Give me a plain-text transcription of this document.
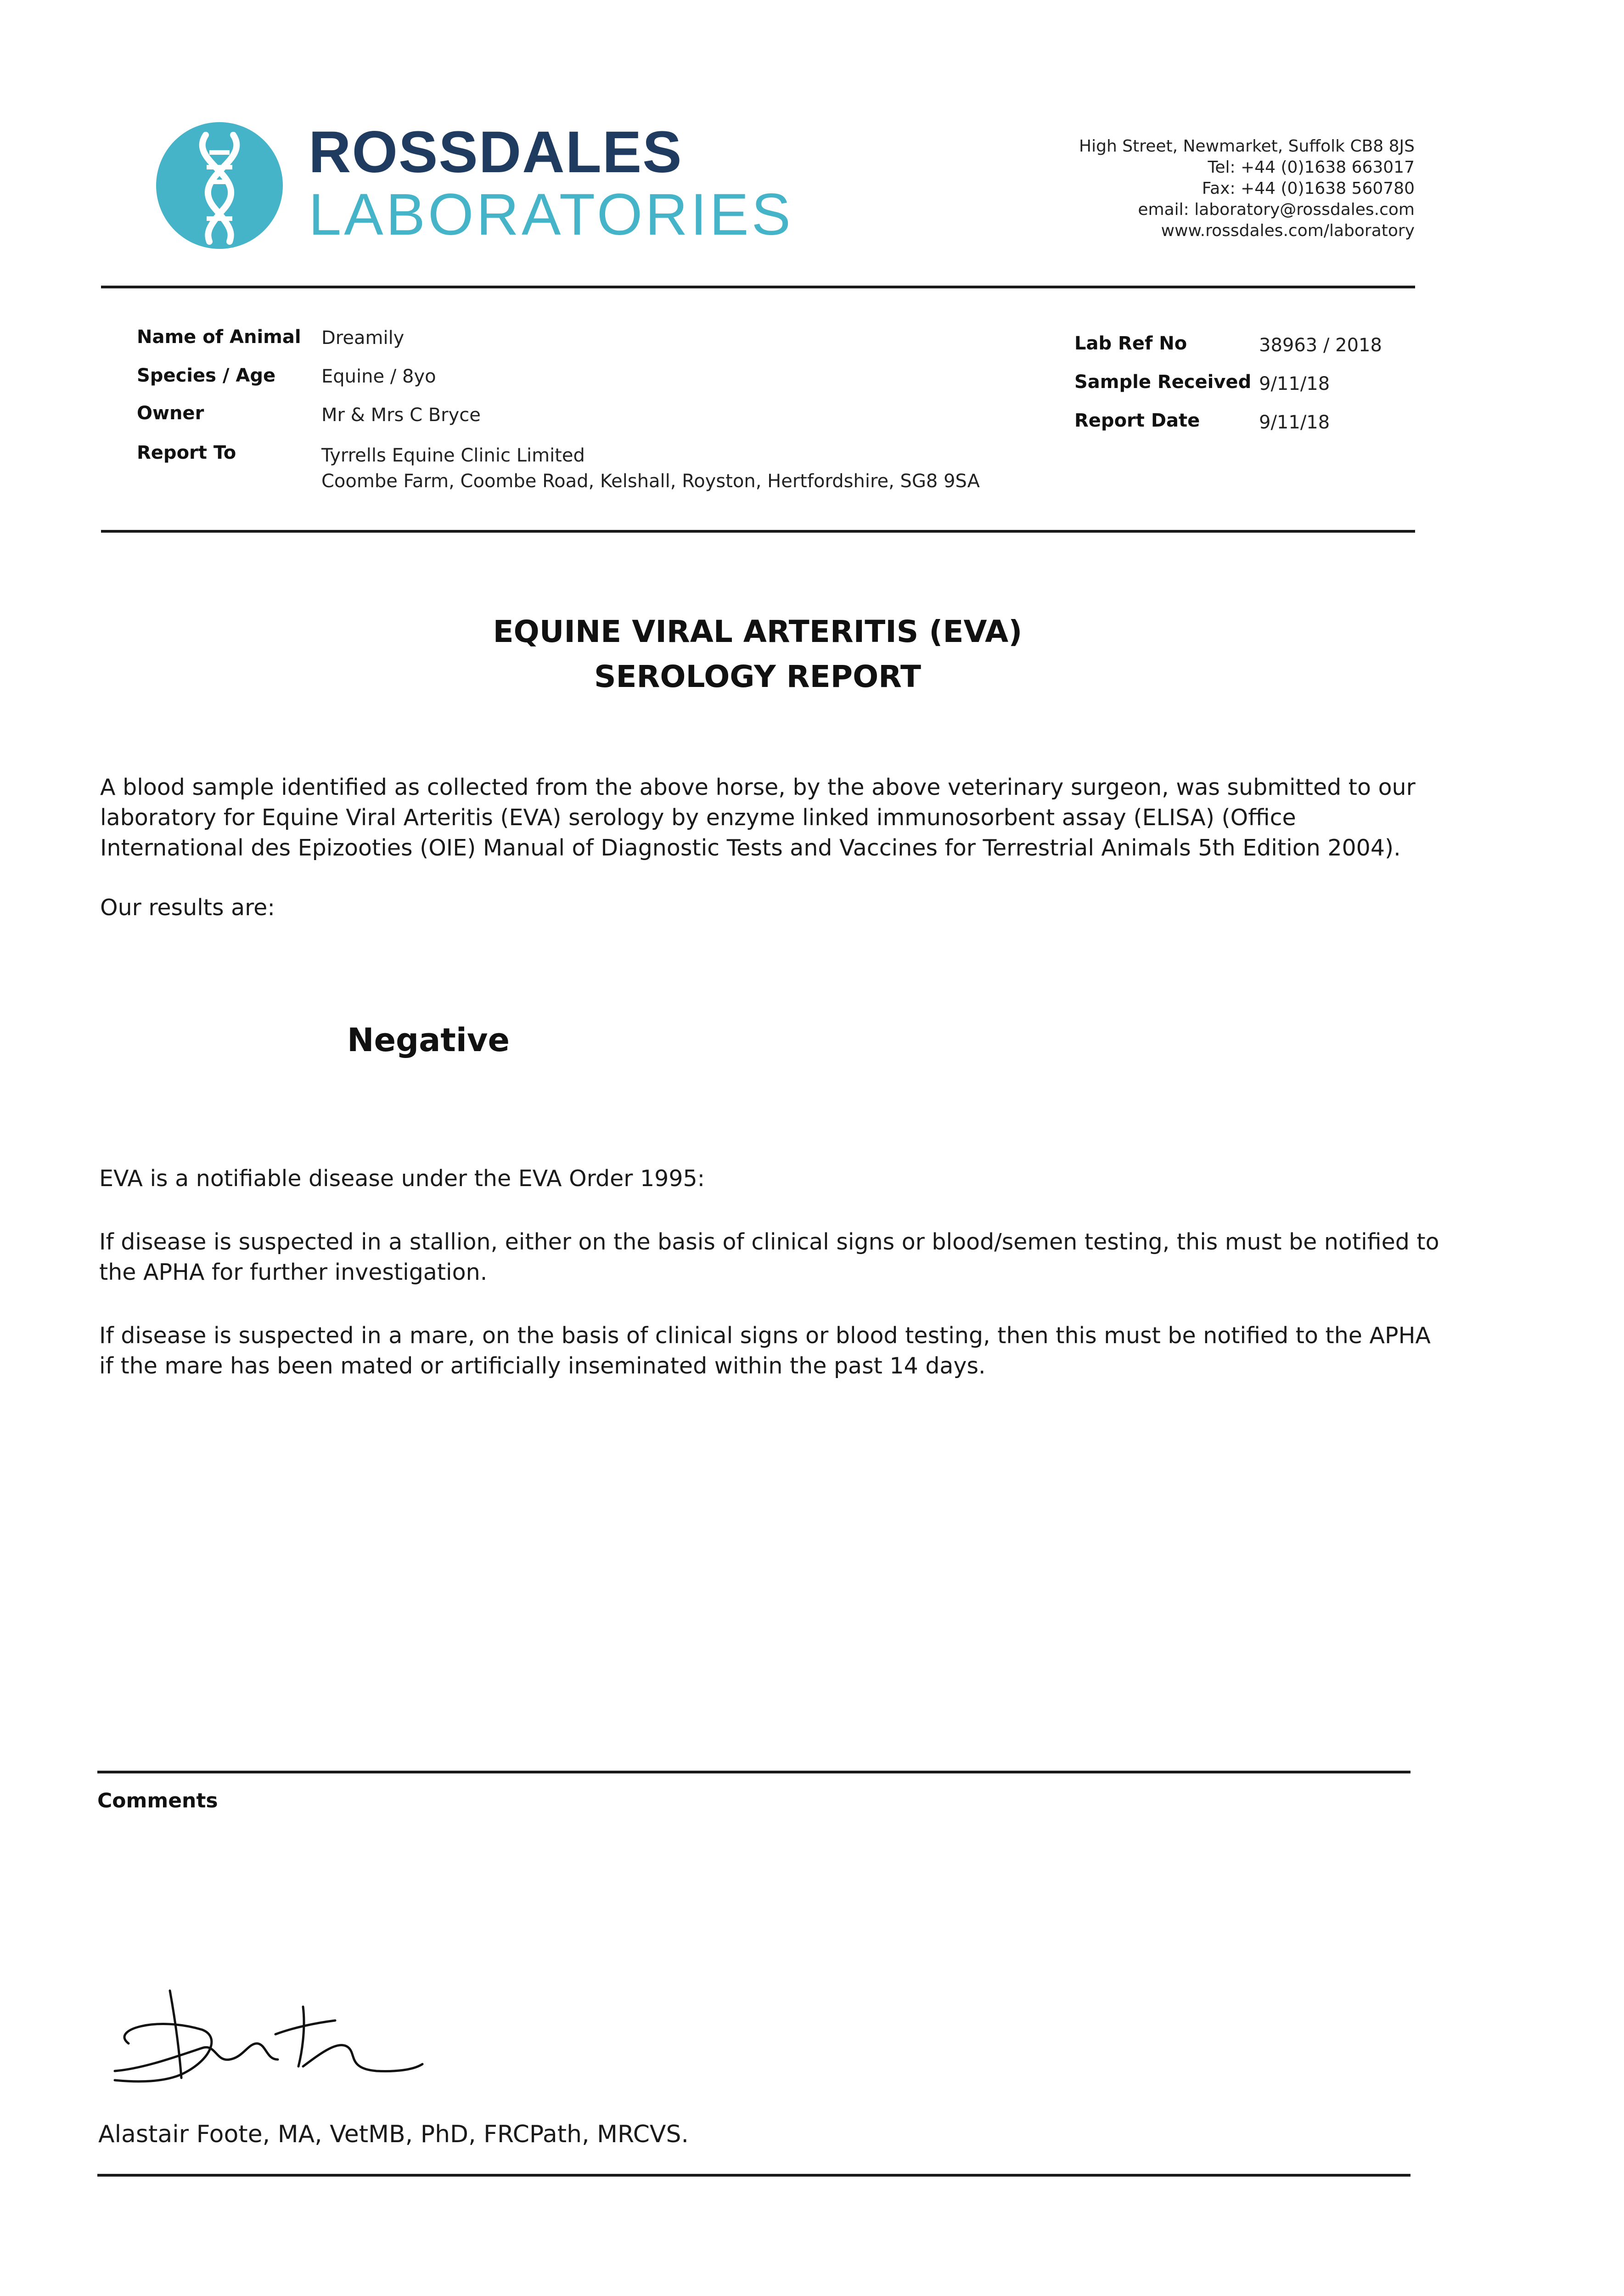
ROSSDALES
LABORATORIES
High Street, Newmarket, Suffolk CB8 8JS
Tel: +44 (0)1638 663017
Fax: +44 (0)1638 560780
email: laboratory@rossdales.com
www.rossdales.com/laboratory
Name of Animal Dreamily
Species / Age Equine / 8yo
Owner	Mr & Mrs C Bryce
Report To	Tyrrells Equine Clinic Limited
Coombe Farm, Coombe Road, Kelshall, Royston, Hertfordshire, SG8 9SA
Lab Ref No	38963 / 2018
Sample Received 9/11/18
Report Date	9/11/18
EQUINE VIRAL ARTERITIS (EVA)
SEROLOGY REPORT
A blood sample identified as collected from the above horse, by the above veterinary surgeon, was submitted to our
laboratory for Equine Viral Arteritis (EVA) serology by enzyme linked immunosorbent assay (ELISA) (Office
International des Epizooties (OIE) Manual of Diagnostic Tests and Vaccines for Terrestrial Animals 5th Edition 2004).
Our results are:
Negative
EVA is a notifiable disease under the EVA Order 1995:
If disease is suspected in a stallion, either on the basis of clinical signs or blood/semen testing, this must be notified to
the APHA for further investigation.
If disease is suspected in a mare, on the basis of clinical signs or blood testing, then this must be notified to the APHA
if the mare has been mated or artificially inseminated within the past 14 days.
Comments
Alastair Foote, MA, VetMB, PhD, FRCPath, MRCVS.
